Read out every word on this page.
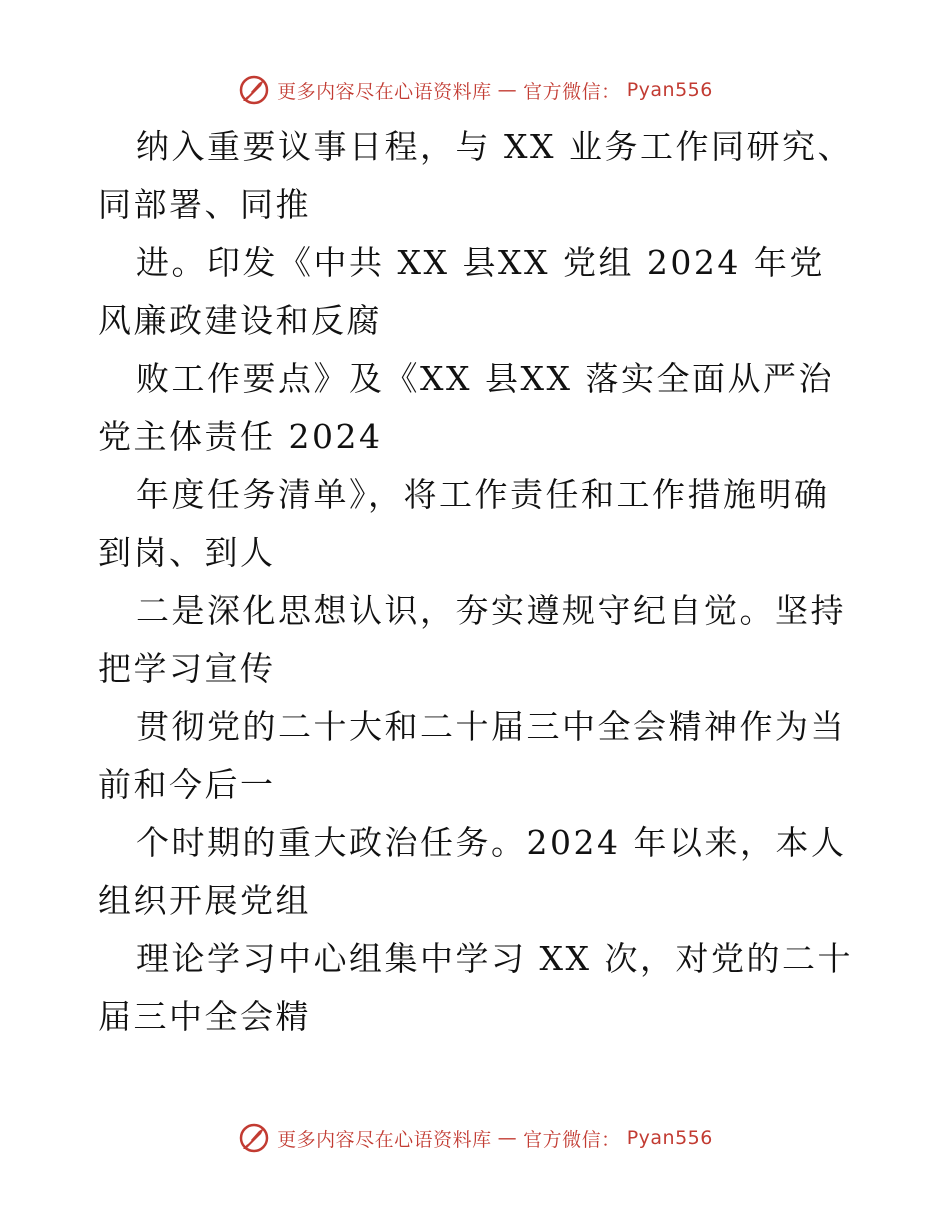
更多内容尽在心语资料库 — 官方微信： Pyan556

纳入重要议事日程，与 XX 业务工作同研究、同部署、同推

进。印发《中共 XX 县XX 党组 2024 年党风廉政建设和反腐

败工作要点》及《XX 县XX 落实全面从严治党主体责任 2024

年度任务清单》，将工作责任和工作措施明确到岗、到人

二是深化思想认识，夯实遵规守纪自觉。坚持把学习宣传

贯彻党的二十大和二十届三中全会精神作为当前和今后一

个时期的重大政治任务。2024 年以来，本人组织开展党组

理论学习中心组集中学习 XX 次，对党的二十届三中全会精

更多内容尽在心语资料库 — 官方微信： Pyan556
